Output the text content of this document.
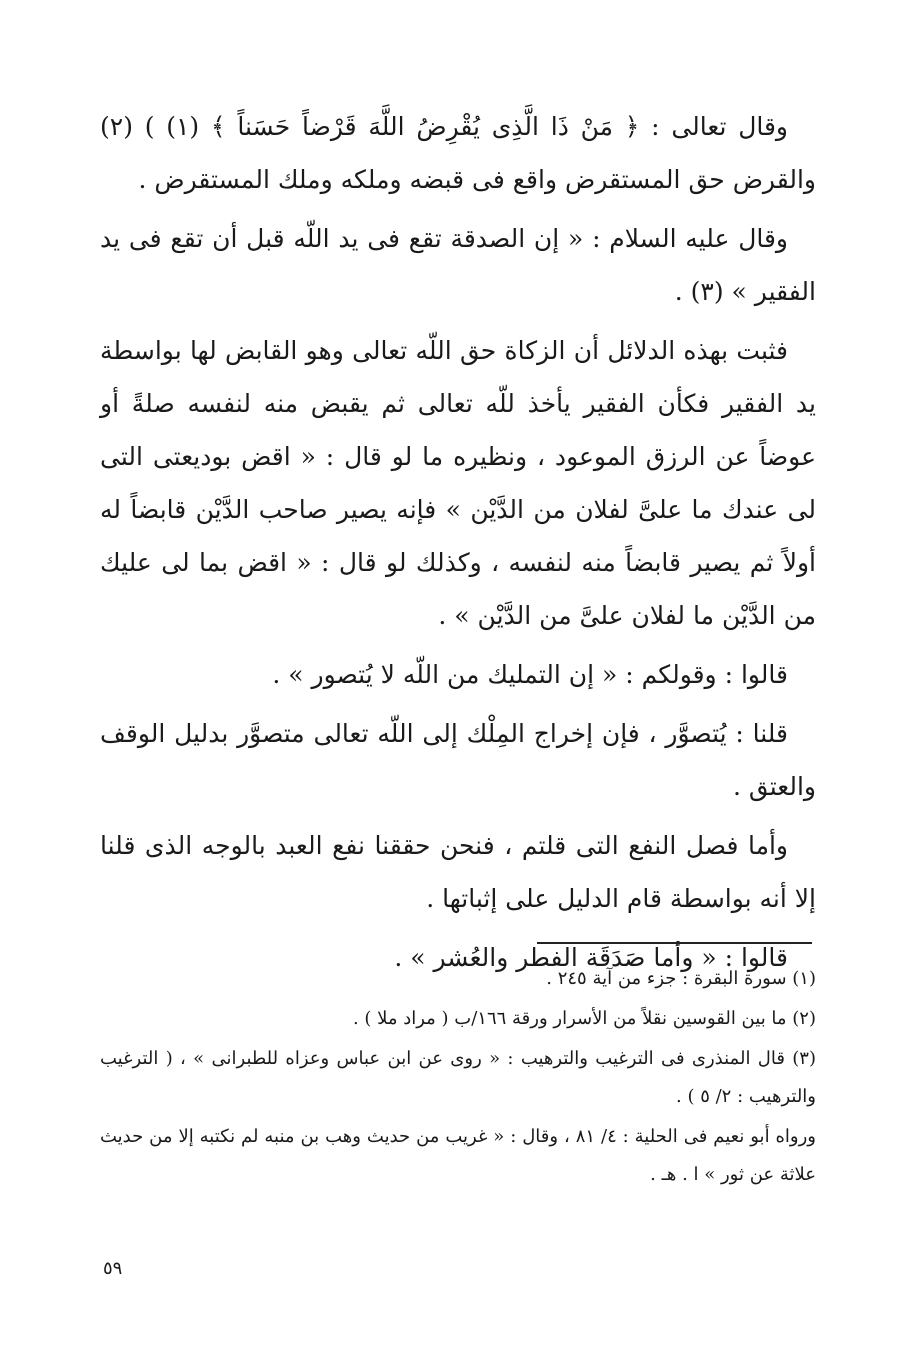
وقال تعالى : ﴿ مَنْ ذَا الَّذِى يُقْرِضُ اللَّهَ قَرْضاً حَسَناً ﴾ (١) ) (٢) والقرض حق المستقرض واقع فى قبضه وملكه وملك المستقرض .

وقال عليه السلام : « إن الصدقة تقع فى يد اللّه قبل أن تقع فى يد الفقير » (٣) .

فثبت بهذه الدلائل أن الزكاة حق اللّه تعالى وهو القابض لها بواسطة يد الفقير فكأن الفقير يأخذ للّه تعالى ثم يقبض منه لنفسه صلةً أو عوضاً عن الرزق الموعود ، ونظيره ما لو قال : « اقض بوديعتى التى لى عندك ما علىَّ لفلان من الدَّيْن » فإنه يصير صاحب الدَّيْن قابضاً له أولاً ثم يصير قابضاً منه لنفسه ، وكذلك لو قال : « اقض بما لى عليك من الدَّيْن ما لفلان علىَّ من الدَّيْن » .

قالوا : وقولكم : « إن التمليك من اللّه لا يُتصور » .

قلنا : يُتصوَّر ، فإن إخراج المِلْك إلى اللّه تعالى متصوَّر بدليل الوقف والعتق .

وأما فصل النفع التى قلتم ، فنحن حققنا نفع العبد بالوجه الذى قلنا إلا أنه بواسطة قام الدليل على إثباتها .

قالوا : « وأما صَدَقَة الفطر والعُشر » .

(١) سورة البقرة : جزء من آية ٢٤٥ .

(٢) ما بين القوسين نقلاً من الأسرار ورقة ١٦٦/ب ( مراد ملا ) .

(٣) قال المنذرى فى الترغيب والترهيب : « روى عن ابن عباس وعزاه للطبرانى » ، ( الترغيب والترهيب : ٢/ ٥ ) .

ورواه أبو نعيم فى الحلية : ٤/ ٨١ ، وقال : « غريب من حديث وهب بن منبه لم نكتبه إلا من حديث علاثة عن ثور » ا . هـ .

٥٩
